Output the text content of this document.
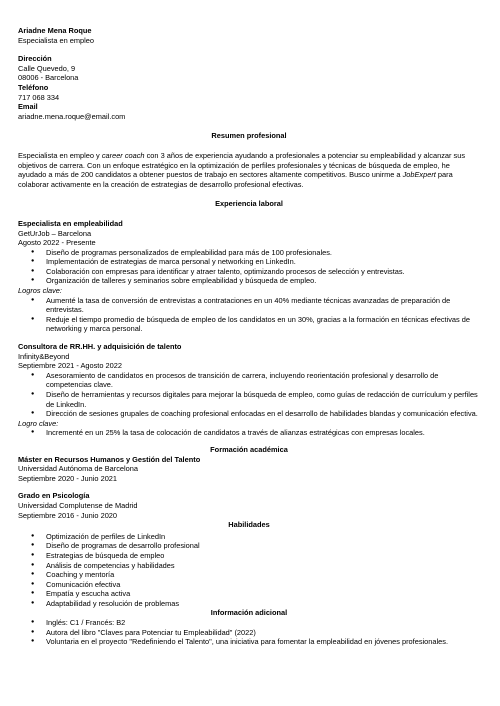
Ariadne Mena Roque
Especialista en empleo
Dirección
Calle Quevedo, 9
08006 - Barcelona
Teléfono
717 068 334
Email
ariadne.mena.roque@email.com
Resumen profesional

Especialista en empleo y career coach con 3 años de experiencia ayudando a profesionales a potenciar su empleabilidad y alcanzar sus objetivos de carrera. Con un enfoque estratégico en la optimización de perfiles profesionales y técnicas de búsqueda de empleo, he ayudado a más de 200 candidatos a obtener puestos de trabajo en sectores altamente competitivos. Busco unirme a JobExpert para colaborar activamente en la creación de estrategias de desarrollo profesional efectivas.

Experiencia laboral
Especialista en empleabilidad
GetUrJob – Barcelona
Agosto 2022 - Presente
● Diseño de programas personalizados de empleabilidad para más de 100 profesionales.
● Implementación de estrategias de marca personal y networking en LinkedIn.
● Colaboración con empresas para identificar y atraer talento, optimizando procesos de selección y entrevistas.
● Organización de talleres y seminarios sobre empleabilidad y búsqueda de empleo.
Logros clave:
● Aumenté la tasa de conversión de entrevistas a contrataciones en un 40% mediante técnicas avanzadas de preparación de entrevistas.
● Reduje el tiempo promedio de búsqueda de empleo de los candidatos en un 30%, gracias a la formación en técnicas efectivas de networking y marca personal.
Consultora de RR.HH. y adquisición de talento
Infinity&Beyond
Septiembre 2021 - Agosto 2022
● Asesoramiento de candidatos en procesos de transición de carrera, incluyendo reorientación profesional y desarrollo de competencias clave.
● Diseño de herramientas y recursos digitales para mejorar la búsqueda de empleo, como guías de redacción de currículum y perfiles de LinkedIn.
● Dirección de sesiones grupales de coaching profesional enfocadas en el desarrollo de habilidades blandas y comunicación efectiva.
Logro clave:
● Incrementé en un 25% la tasa de colocación de candidatos a través de alianzas estratégicas con empresas locales.
Formación académica
Máster en Recursos Humanos y Gestión del Talento
Universidad Autónoma de Barcelona
Septiembre 2020 - Junio 2021
Grado en Psicología
Universidad Complutense de Madrid
Septiembre 2016 - Junio 2020
Habilidades
● Optimización de perfiles de LinkedIn
● Diseño de programas de desarrollo profesional
● Estrategias de búsqueda de empleo
● Análisis de competencias y habilidades
● Coaching y mentoría
● Comunicación efectiva
● Empatía y escucha activa
● Adaptabilidad y resolución de problemas
Información adicional
● Inglés: C1 / Francés: B2
● Autora del libro "Claves para Potenciar tu Empleabilidad" (2022)
● Voluntaria en el proyecto "Redefiniendo el Talento", una iniciativa para fomentar la empleabilidad en jóvenes profesionales.
